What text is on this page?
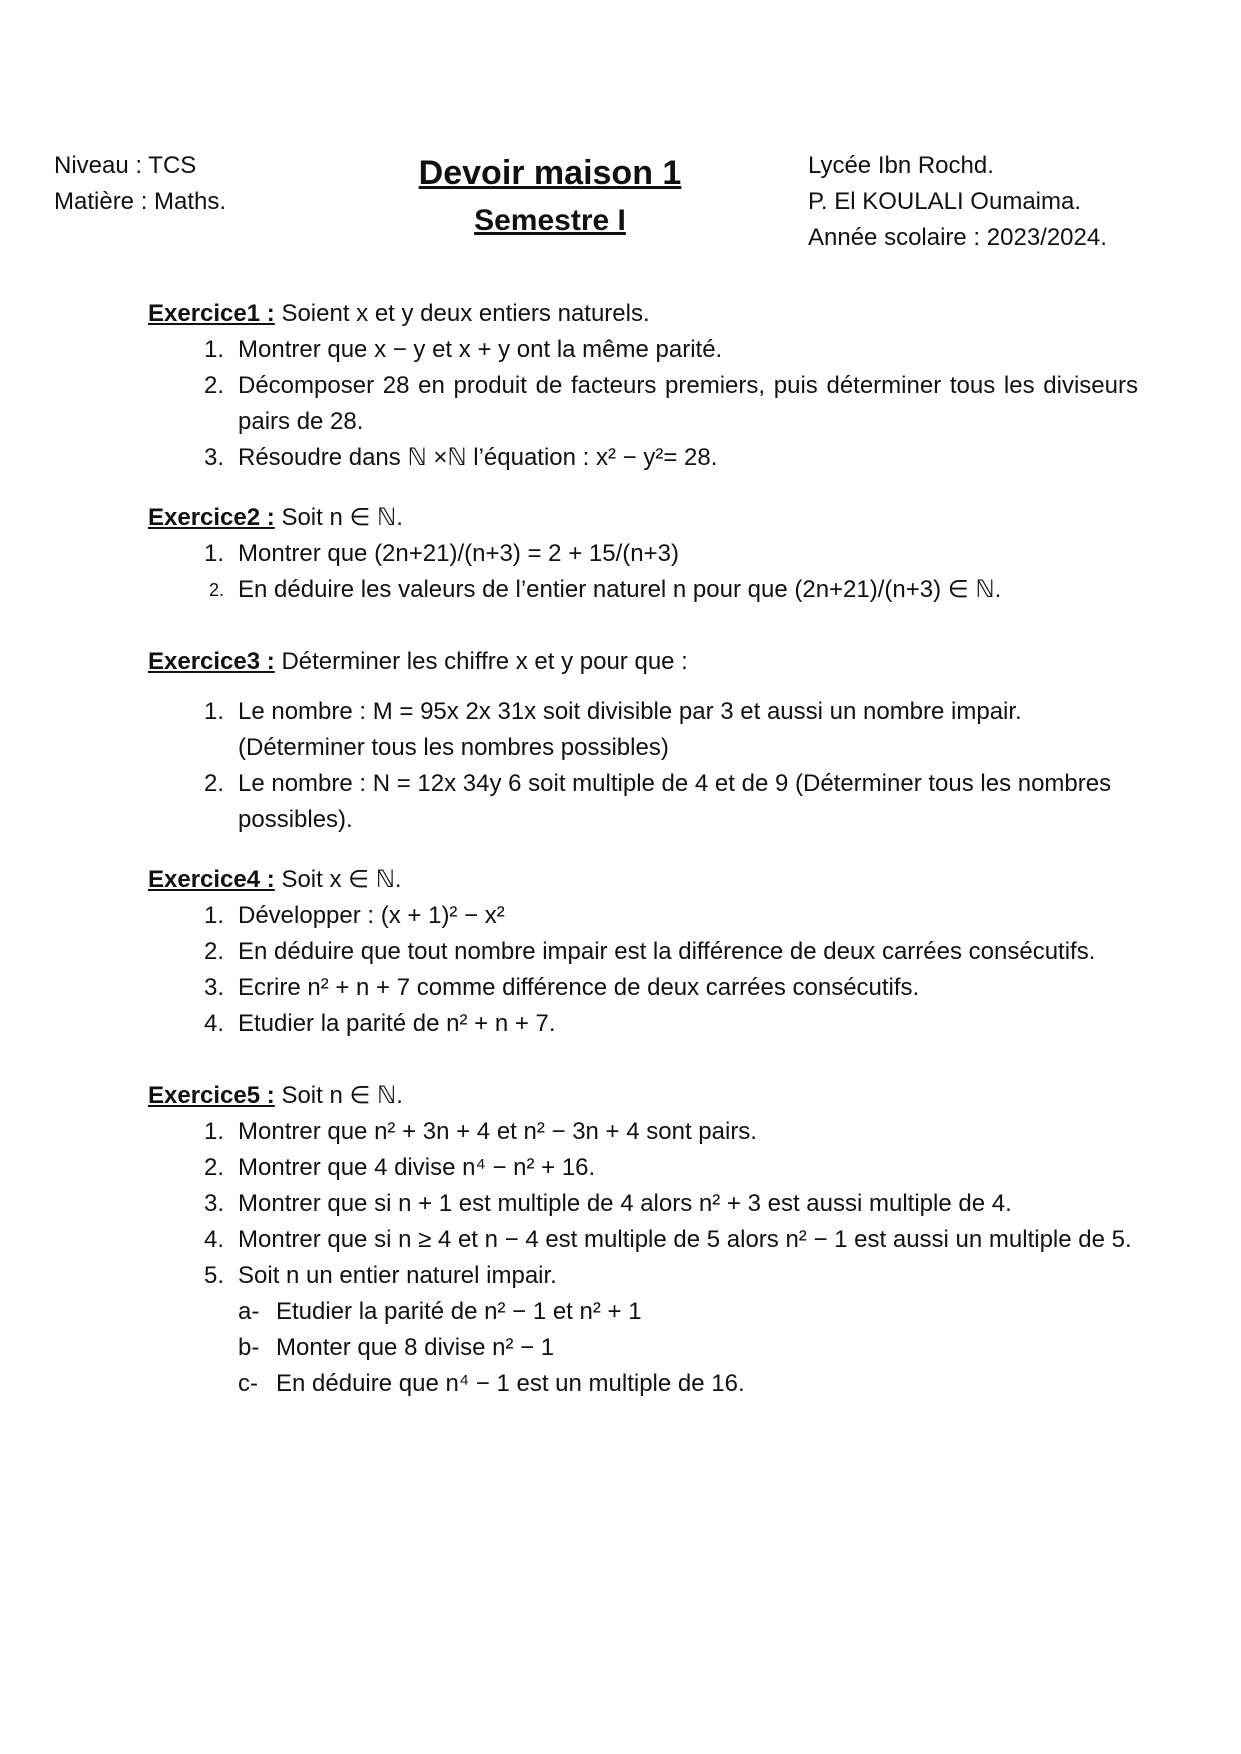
Niveau : TCS
Matière : Maths.
Devoir maison 1
Semestre I
Lycée Ibn Rochd.
P. El KOULALI Oumaima.
Année scolaire : 2023/2024.
Exercice1 : Soient x et y deux entiers naturels.
1. Montrer que x − y et x + y ont la même parité.
2. Décomposer 28 en produit de facteurs premiers, puis déterminer tous les diviseurs pairs de 28.
3. Résoudre dans ℕ ×ℕ l’équation : x² − y²= 28.
Exercice2 : Soit n ∈ ℕ.
1. Montrer que (2n+21)/(n+3) = 2 + 15/(n+3)
2. En déduire les valeurs de l’entier naturel n pour que (2n+21)/(n+3) ∈ ℕ.
Exercice3 : Déterminer les chiffre x et y pour que :
1. Le nombre : M = 95x 2x 31x soit divisible par 3 et aussi un nombre impair. (Déterminer tous les nombres possibles)
2. Le nombre : N = 12x 34y 6 soit multiple de 4 et de 9 (Déterminer tous les nombres possibles).
Exercice4 : Soit x ∈ ℕ.
1. Développer : (x + 1)² − x²
2. En déduire que tout nombre impair est la différence de deux carrées consécutifs.
3. Ecrire n² + n + 7 comme différence de deux carrées consécutifs.
4. Etudier la parité de n² + n + 7.
Exercice5 : Soit n ∈ ℕ.
1. Montrer que n² + 3n + 4 et n² − 3n + 4 sont pairs.
2. Montrer que 4 divise n⁴ − n² + 16.
3. Montrer que si n + 1 est multiple de 4 alors n² + 3 est aussi multiple de 4.
4. Montrer que si n ≥ 4 et n − 4 est multiple de 5 alors n² − 1 est aussi un multiple de 5.
5. Soit n un entier naturel impair.
a- Etudier la parité de n² − 1 et n² + 1
b- Monter que 8 divise n² − 1
c- En déduire que n⁴ − 1 est un multiple de 16.
